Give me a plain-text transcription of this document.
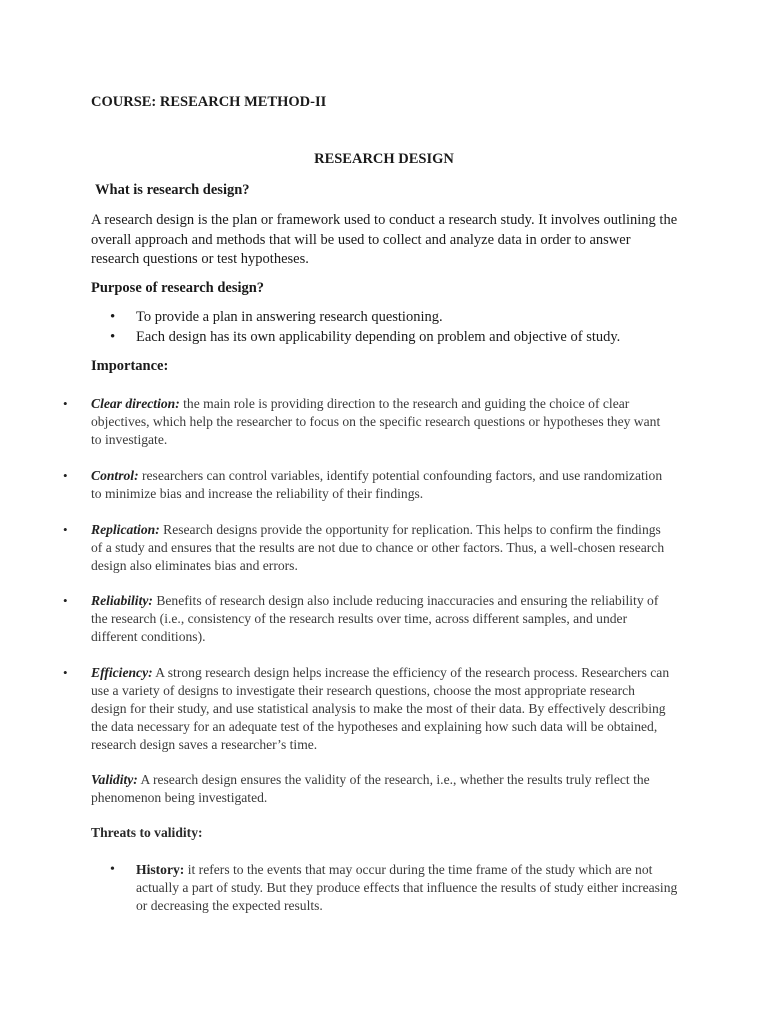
COURSE: RESEARCH METHOD-II
RESEARCH DESIGN
What is research design?
A research design is the plan or framework used to conduct a research study. It involves outlining the overall approach and methods that will be used to collect and analyze data in order to answer research questions or test hypotheses.
Purpose of research design?
• To provide a plan in answering research questioning.
• Each design has its own applicability depending on problem and objective of study.
Importance:
• Clear direction: the main role is providing direction to the research and guiding the choice of clear objectives, which help the researcher to focus on the specific research questions or hypotheses they want to investigate.
• Control: researchers can control variables, identify potential confounding factors, and use randomization to minimize bias and increase the reliability of their findings.
• Replication: Research designs provide the opportunity for replication. This helps to confirm the findings of a study and ensures that the results are not due to chance or other factors. Thus, a well-chosen research design also eliminates bias and errors.
• Reliability: Benefits of research design also include reducing inaccuracies and ensuring the reliability of the research (i.e., consistency of the research results over time, across different samples, and under different conditions).
• Efficiency: A strong research design helps increase the efficiency of the research process. Researchers can use a variety of designs to investigate their research questions, choose the most appropriate research design for their study, and use statistical analysis to make the most of their data. By effectively describing the data necessary for an adequate test of the hypotheses and explaining how such data will be obtained, research design saves a researcher’s time.
Validity: A research design ensures the validity of the research, i.e., whether the results truly reflect the phenomenon being investigated.
Threats to validity:
• History: it refers to the events that may occur during the time frame of the study which are not actually a part of study. But they produce effects that influence the results of study either increasing or decreasing the expected results.
